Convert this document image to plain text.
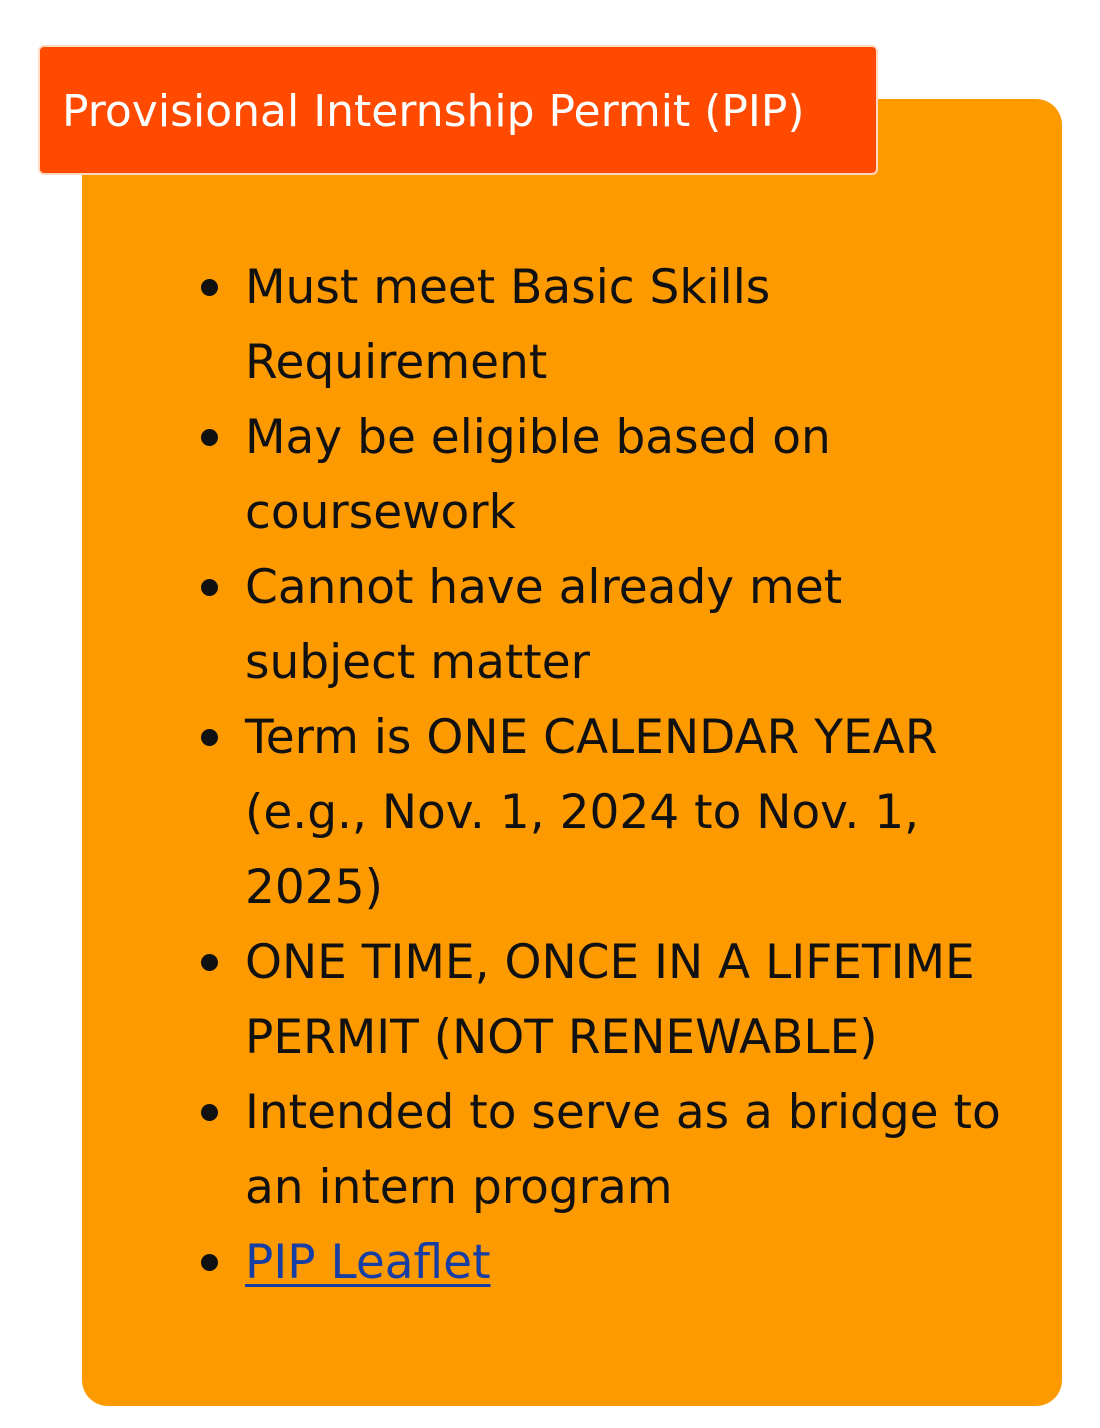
Provisional Internship Permit (PIP)
Must meet Basic Skills Requirement
May be eligible based on coursework
Cannot have already met subject matter
Term is ONE CALENDAR YEAR (e.g., Nov. 1, 2024 to Nov. 1, 2025)
ONE TIME, ONCE IN A LIFETIME PERMIT (NOT RENEWABLE)
Intended to serve as a bridge to an intern program
PIP Leaflet
